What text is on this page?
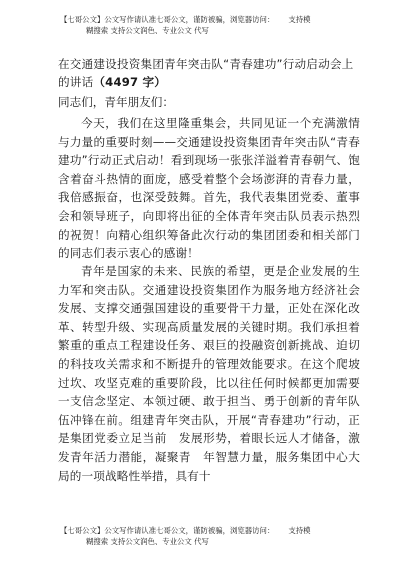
【七哥公文】公文写作请认准七哥公文，谨防被骗，浏览器访问： 支持模
糊搜索 支持公文润色、专业公文 代写
在交通建设投资集团青年突击队“青春建功”行动启动会上的讲话（4497 字）
同志们，青年朋友们：
今天，我们在这里隆重集会，共同见证一个充满激情与力量的重要时刻——交通建设投资集团青年突击队“青春建功”行动正式启动！看到现场一张张洋溢着青春朝气、饱含着奋斗热情的面庞，感受着整个会场澎湃的青春力量，我倍感振奋，也深受鼓舞。首先，我代表集团党委、董事会和领导班子，向即将出征的全体青年突击队员表示热烈的祝贺！向精心组织筹备此次行动的集团团委和相关部门的同志们表示衷心的感谢！
青年是国家的未来、民族的希望，更是企业发展的生力军和突击队。交通建设投资集团作为服务地方经济社会发展、支撑交通强国建设的重要骨干力量，正处在深化改革、转型升级、实现高质量发展的关键时期。我们承担着繁重的重点工程建设任务、艰巨的投融资创新挑战、迫切的科技攻关需求和不断提升的管理效能要求。在这个爬坡过坎、攻坚克难的重要阶段，比以往任何时候都更加需要一支信念坚定、本领过硬、敢于担当、勇于创新的青年队伍冲锋在前。组建青年突击队，开展“青春建功”行动，正是集团党委立足当前　发展形势，着眼长远人才储备，激发青年活力潜能，凝聚青　年智慧力量，服务集团中心大局的一项战略性举措，具有十
【七哥公文】公文写作请认准七哥公文，谨防被骗，浏览器访问： 支持模
糊搜索 支持公文润色、专业公文 代写
